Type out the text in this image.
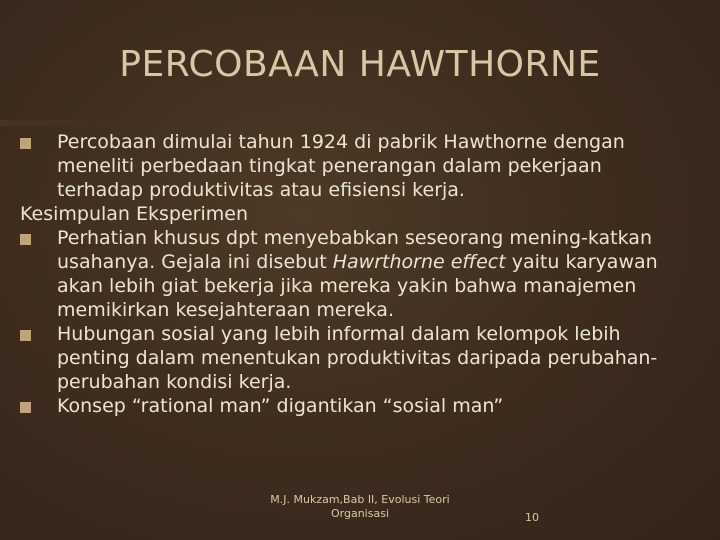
PERCOBAAN HAWTHORNE
Percobaan dimulai tahun 1924 di pabrik Hawthorne dengan meneliti perbedaan tingkat penerangan dalam pekerjaan terhadap produktivitas atau efisiensi kerja.
Kesimpulan Eksperimen
Perhatian khusus dpt menyebabkan seseorang mening-katkan usahanya. Gejala ini disebut Hawrthorne effect yaitu karyawan akan lebih giat bekerja jika mereka yakin bahwa manajemen memikirkan kesejahteraan mereka.
Hubungan sosial yang lebih informal dalam kelompok lebih penting dalam menentukan produktivitas daripada perubahan-perubahan kondisi kerja.
Konsep “rational man” digantikan “sosial man”
M.J. Mukzam,Bab II, Evolusi Teori
Organisasi	10
